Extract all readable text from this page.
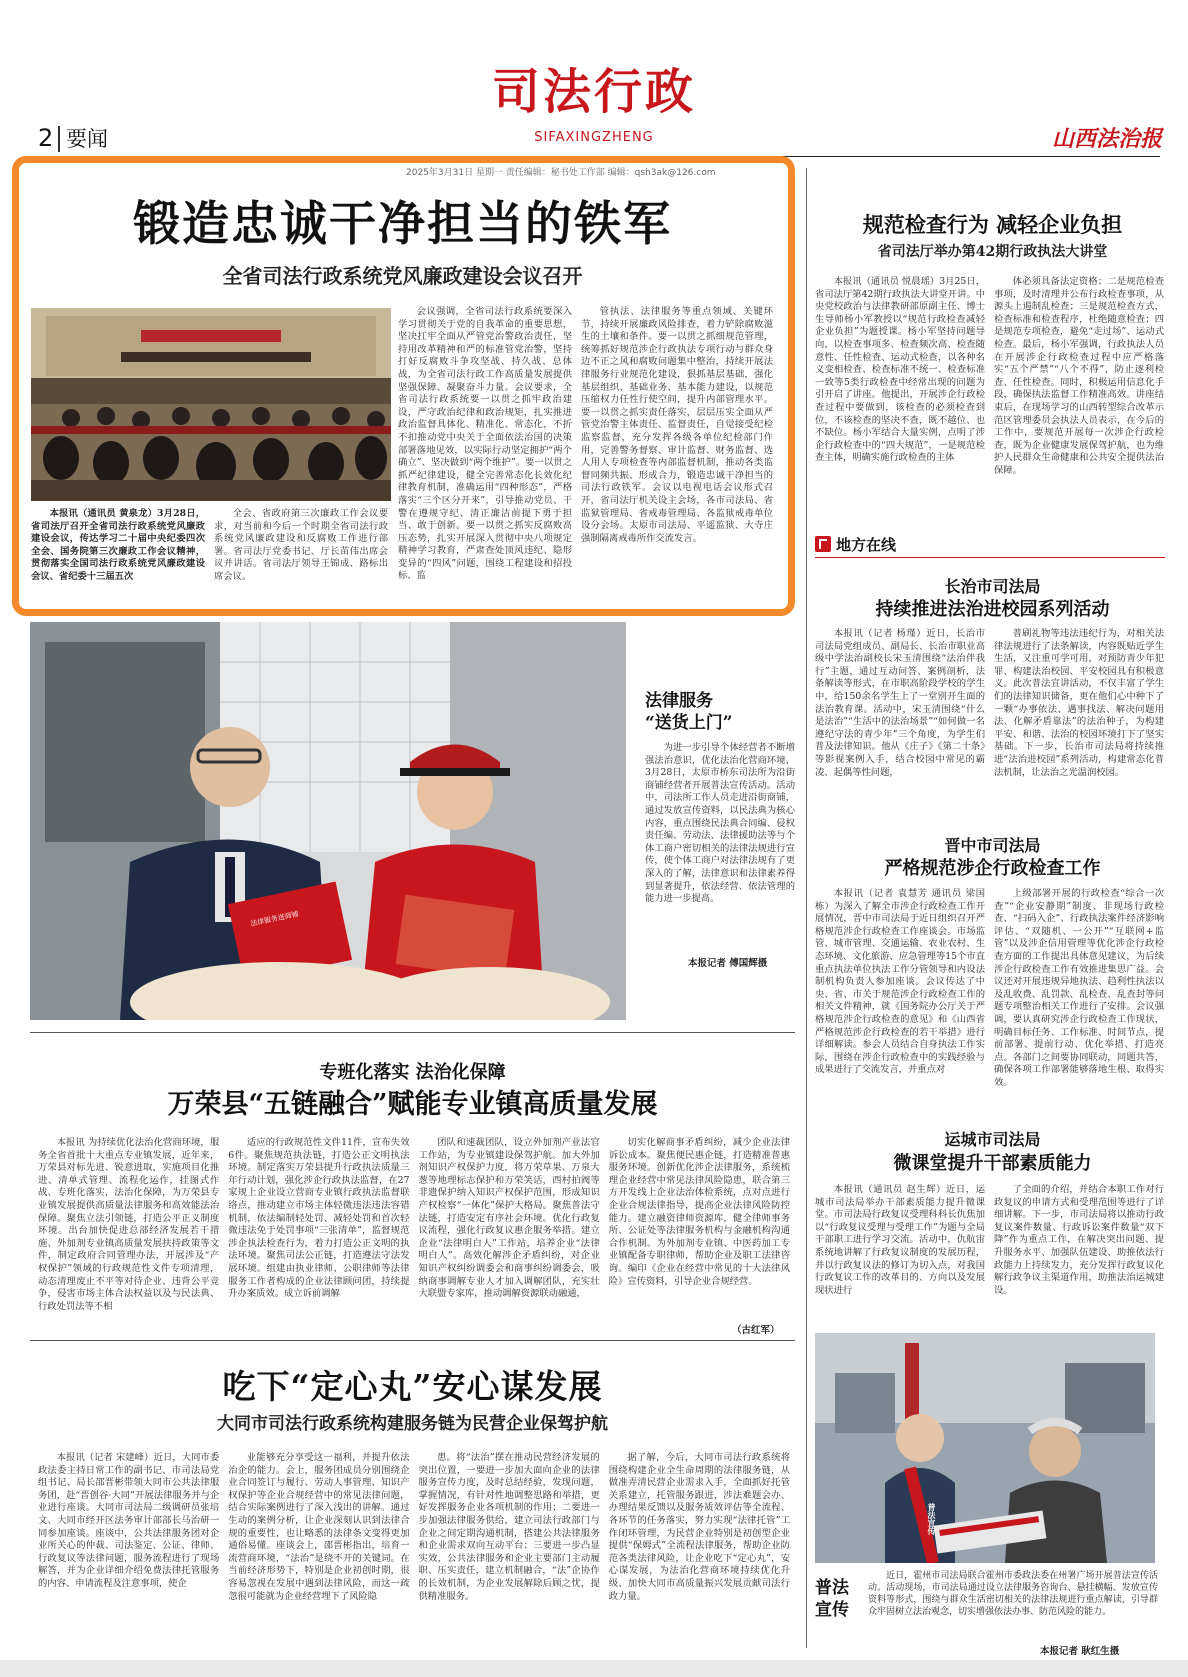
司法行政
SIFAXINGZHENG
2 要闻	山西法治报
2025年3月31日 星期一 责任编辑：秘书处工作部 编辑：qsh3ak@126.com
锻造忠诚干净担当的铁军
全省司法行政系统党风廉政建设会议召开

本报讯（通讯员 黄泉龙）3月28日，省司法厅召开全省司法行政系统党风廉政建设会议，传达学习二十届中央纪委四次全会、国务院第三次廉政工作会议精神，贯彻落实全国司法行政系统党风廉政建设会议、省纪委十三届五次

全会、省政府第三次廉政工作会议要求，对当前和今后一个时期全省司法行政系统党风廉政建设和反腐败工作进行部署。省司法厅党委书记、厅长苗伟出席会议并讲话。省司法厅领导王锦成、路标出席会议。

会议强调，全省司法行政系统要深入学习贯彻关于党的自我革命的重要思想，坚决扛牢全面从严管党治警政治责任，坚持用改革精神和严的标准管党治警，坚持打好反腐败斗争攻坚战、持久战、总体战，为全省司法行政工作高质量发展提供坚强保障、凝聚奋斗力量。会议要求，全省司法行政系统要一以贯之抓牢政治建设，严守政治纪律和政治规矩，扎实推进政治监督具体化、精准化、常态化，不折不扣推动党中央关于全面依法治国的决策部署落地见效，以实际行动坚定拥护“两个确立”、坚决做到“两个维护”。要一以贯之抓严纪律建设，健全完善常态化长效化纪律教育机制，准确运用“四种形态”，严格落实“三个区分开来”，引导推动党员、干警在遵规守纪、清正廉洁前提下勇于担当、敢于创新。要一以贯之抓实反腐败高压态势，扎实开展深入贯彻中央八项规定精神学习教育，严肃查处顶风违纪、隐形变异的“四风”问题，围绕工程建设和招投标、监

管执法、法律服务等重点领域、关键环节，持续开展廉政风险排查，着力铲除腐败滋生的土壤和条件。要一以贯之抓细规范管理，统筹抓好规范涉企行政执法专项行动与群众身边不正之风和腐败问题集中整治，持续开展法律服务行业规范化建设，狠抓基层基础，强化基层组织、基础业务、基本能力建设，以规范压缩权力任性行使空间，提升内部管理水平。要一以贯之抓实责任落实，层层压实全面从严管党治警主体责任、监督责任，自觉接受纪检监察监督，充分发挥各级各单位纪检部门作用，完善警务督察、审计监督、财务监督、选人用人专项检查等内部监督机制，推动各类监督同频共振、形成合力，锻造忠诚干净担当的司法行政铁军。会议以电视电话会议形式召开，省司法厅机关设主会场，各市司法局、省监狱管理局、省戒毒管理局、各监狱戒毒单位设分会场。太原市司法局、平遥监狱、大寺庄强制隔离戒毒所作交流发言。

规范检查行为 减轻企业负担
省司法厅举办第42期行政执法大讲堂

本报讯（通讯员 悦晨瑶）3月25日，省司法厅第42期行政执法大讲堂开讲。中央党校政治与法律教研部原副主任、博士生导师杨小军教授以“规范行政检查减轻企业负担”为题授课。杨小军坚持问题导向，以检查事项多、检查频次高、检查随意性、任性检查、运动式检查，以各种名义变相检查、检查标准不统一、检查标准一致等5类行政检查中经常出现的问题为引开启了讲座。他提出，开展涉企行政检查过程中要做到，该检查的必须检查到位，不该检查的坚决不查，既不越位、也不缺位。杨小军结合大量实例，点明了涉企行政检查中的“四大规范”，一是规范检查主体，明确实施行政检查的主体

体必须具备法定资格；二是规范检查事项，及时清理并公布行政检查事项，从源头上遏制乱检查；三是规范检查方式，检查标准和检查程序，杜绝随意检查；四是规范专项检查，避免“走过场”、运动式检查。最后，杨小军强调，行政执法人员在开展涉企行政检查过程中应严格落实“五个严禁”“八个不得”，防止逐利检查、任性检查。同时，积极运用信息化手段，确保执法监督工作精准高效。讲座结束后，在现场学习的山西转型综合改革示范区管理委员会执法人员表示，在今后的工作中，要规范开展每一次涉企行政检查，既为企业健康发展保驾护航，也为维护人民群众生命健康和公共安全提供法治保障。

地方在线
长治市司法局
持续推进法治进校园系列活动

本报讯（记者 杨瑾）近日，长治市司法局党组成员、副局长、长治市职业高级中学法治副校长宋玉清围绕“法治伴我行”主题，通过互动问答、案例剖析，法条解读等形式，在市职高阶段学校的学生中，给150余名学生上了一堂别开生面的法治教育课。活动中，宋玉清围绕“什么是法治”“生活中的法治场景”“如何做一名遵纪守法的青少年”三个角度，为学生们普及法律知识。他从《庄子》《第二十条》等影视案例入手，结合校园中常见的霸凌、起偶等性问题，

普刷礼物等违法违纪行为，对相关法律法规进行了法条解读，内容既贴近学生生活，又注重可学可用，对预防青少年犯罪、构建法治校园、平安校园具有积极意义。此次普法宣讲活动，不仅丰富了学生们的法律知识储备，更在他们心中种下了一颗“办事依法、遇事找法、解决问题用法、化解矛盾靠法”的法治种子，为构建平安、和谐、法治的校园环境打下了坚实基础。下一步，长治市司法局将持续推进“法治进校园”系列活动，构建常态化普法机制，让法治之光温润校园。

晋中市司法局
严格规范涉企行政检查工作

本报讯（记者 袁慧芳 通讯员 梁国栋）为深入了解全市涉企行政检查工作开展情况，晋中市司法局于近日组织召开严格规范涉企行政检查工作座谈会。市场监管、城市管理、交通运输、农业农村、生态环境、文化旅游、应急管理等15个市直重点执法单位执法工作分管领导和内设法制机构负责人参加座谈。会议传达了中央、省、市关于规范涉企行政检查工作的相关文件精神，就《国务院办公厅关于严格规范涉企行政检查的意见》和《山西省严格规范涉企行政检查的若干举措》进行详细解读。参会人员结合自身执法工作实际，围绕在涉企行政检查中的实践经验与成果进行了交流发言，并重点对

上级部署开展的行政检查“综合一次查”“企业安静期”制度、非现场行政检查、“扫码入企”、行政执法案件经济影响评估、“双随机、一公开”“互联网+监管”以及涉企信用管理等优化涉企行政检查方面的工作提出具体意见建议，为后续涉企行政检查工作有效推进集思广益。会议还对开展违规异地执法、趋利性执法以及乱收费、乱罚款、乱检查、乱查封等问题专项整治相关工作进行了安排。会议强调，要认真研究涉企行政检查工作现状，明确目标任务、工作标准、时间节点，提前部署、提前行动、优化举措、打造亮点。各部门之间要协同联动，同题共答，确保各项工作部署能够落地生根、取得实效。

运城市司法局
微课堂提升干部素质能力

本报讯（通讯员 赵生辉）近日，运城市司法局举办干部素质能力提升微课堂。市司法局行政复议受理科科长仇焦加以“行政复议受理与受理工作”为题与全局干部职工进行学习交流。活动中，仇航宙系统地讲解了行政复议制度的发展历程，并以行政复议法的修订为切入点，对我国行政复议工作的改革目的、方向以及发展现状进行

了全面的介绍，并结合本职工作对行政复议的申请方式和受理范围等进行了详细讲解。下一步，市司法局将以推动行政复议案件数量、行政诉讼案件数量“双下降”作为重点工作，在解决突出问题、提升服务水平、加强队伍建设、助推依法行政能力上持续发力，充分发挥行政复议化解行政争议主渠道作用，助推法治运城建设。

普法宣传
普法
宣传

近日，霍州市司法局联合霍州市委政法委在州署广场开展普法宣传活动。活动现场，市司法局通过设立法律服务咨询台、悬挂横幅、发放宣传资料等形式，围绕与群众生活密切相关的法律法规进行重点解读，引导群众牢固树立法治观念，切实增强依法办事、防范风险的能力。

本报记者 耿红生摄
法律服务进商铺
法律服务
“送货上门”

为进一步引导个体经营者不断增强法治意识，优化法治化营商环境，3月28日，太原市桥东司法所为沿街商铺经营者开展普法宣传活动。活动中，司法所工作人员走进沿街商铺，通过发放宣传资料，以民法典为核心内容，重点围绕民法典合同编、侵权责任编、劳动法、法律援助法等与个体工商户密切相关的法律法规进行宣传，使个体工商户对法律法规有了更深入的了解，法律意识和法律素养得到显著提升，依法经营、依法管理的能力进一步提高。

本报记者 傅国辉摄
专班化落实 法治化保障
万荣县“五链融合”赋能专业镇高质量发展

本报讯 为持续优化法治化营商环境，服务全省首批十大重点专业镇发展，近年来，万荣县对标先进、锐意进取，实施项目化推进、清单式管理、流程化运作，挂图式作战、专班化落实，法治化保障，为万荣县专业镇发展提供高质量法律服务和高效能法治保障。聚焦立法引领链，打造公平正义制度环境。出台加快促进总部经济发展若干措施、外加剂专业镇高质量发展扶持政策等文件，制定政府合同管理办法，开展涉及“产权保护”领域的行政规范性文件专项清理，动态清理废止不平等对待企业、违背公平竞争，侵害市场主体合法权益以及与民法典、行政处罚法等不相

适应的行政规范性文件11件，宣布失效6件。聚焦规范执法链，打造公正文明执法环境。制定落实万荣县提升行政执法质量三年行动计划，强化涉企行政执法监督，在27家规上企业设立营商专业镇行政执法监督联络点，推动建立市场主体轻微违法违法容错机制，依法编制轻处罚、减轻处罚和首次轻微违法免于处罚事项“三张清单”，监督规范涉企执法检查行为，着力打造公正文明的执法环境。聚焦司法公正链，打造遵法守法发展环境。组建由执业律师、公职律师等法律服务工作者构成的企业法律顾问团，持续提升办案质效。成立诉前调解

团队和速裁团队，设立外加剂产业法官工作站，为专业镇建设保驾护航。加大外加剂知识产权保护力度，将万荣草果、万泉大葱等地理标志保护和万荣笑话，西村拍阀等非遗保护纳入知识产权保护范围，形成知识产权检察“一体化”保护大格局。聚焦普法守法链，打造安定有序社会环境。优化行政复议流程，强化行政复议惠企服务举措。建立企业“法律明白人”工作站，培养企业“法律明白人”。高效化解涉企矛盾纠纷，对企业知识产权纠纷调委会和商事纠纷调委会，吸纳商事调解专业人才加入调解团队，充实壮大联盟专家库，推动调解资源联动融通，

切实化解商事矛盾纠纷，减少企业法律诉讼成本。聚焦便民惠企链，打造精准普惠服务环境。创新优化涉企法律服务，系统梳理企业经营中常见法律风险隐患，联合第三方开发线上企业法治体检系统，点对点进行企业合规法律指导，提高企业法律风险防控能力。建立融资律师资源库，健全律师事务所、公证处等法律服务机构与金融机构沟通合作机制。为外加剂专业镇、中医药加工专业镇配备专职律师，帮助企业及职工法律咨询。编印《企业在经营中常见的十大法律风险》宣传资料，引导企业合规经营。

（古红军）
吃下“定心丸”安心谋发展
大同市司法行政系统构建服务链为民营企业保驾护航

本报讯（记者 宋建峰）近日，大同市委政法委主持日常工作的副书记、市司法局党组书记、局长邵晋彬带领大同市公共法律服务团，赴“晋创谷·大同”开展法律服务并与企业进行座谈。大同市司法局二级调研员张培文、大同市经开区法务审计部部长马治研一同参加座谈。座谈中，公共法律服务团对企业所关心的仲裁、司法鉴定、公证、律师、行政复议等法律问题，服务流程进行了现场解答，并为企业详细介绍免费法律托管服务的内容、申请流程及注意事项，使企

业能够充分享受这一福利，并提升依法治企的能力。会上，服务团成员分别围绕企业合同签订与履行、劳动人事管理、知识产权保护等企业合规经营中的常见法律问题，结合实际案例进行了深入浅出的讲解。通过生动的案例分析，让企业深刻认识到法律合规的重要性，也让略悉的法律条文变得更加通俗易懂。座谈会上，邵晋彬指出，培育一流营商环境，“法治”是绕不开的关键词。在当前经济形势下，特别是企业初创时期，很容易忽视在发展中遇到法律风险，而这一疏忽很可能就为企业经营埋下了风险隐

患。将“法治”摆在推动民营经济发展的突出位置，一要进一步加大面向企业的法律服务宣传力度，及时总结经验，发现问题，掌握情况，有针对性地调整思路和举措，更好发挥服务企业各项机制的作用；二要进一步加强法律服务供给，建立司法行政部门与企业之间定期沟通机制，搭建公共法律服务和企业需求双向互动平台；三要进一步凸显实效，公共法律服务和企业主要部门主动履职、压实责任，建立机制融合，“法”企协作的长效机制，为企业发展解除后顾之忧，提供精准服务。

据了解，今后，大同市司法行政系统将围绕构建企业全生命周期的法律服务链，从做准弄清民营企业需求入手，全面抓好托管关系建立，托管服务跟进，涉法难题会办、办理结果反馈以及服务质效评估等全流程、各环节的任务落实，努力实现“法律托管”工作闭环管理，为民营企业特别是初创型企业提供“保姆式”全流程法律服务，帮助企业防范各类法律风险，让企业吃下“定心丸”，安心谋发展，为法治化营商环境持续优化升级、加快大同市高质量振兴发展贡献司法行政力量。
